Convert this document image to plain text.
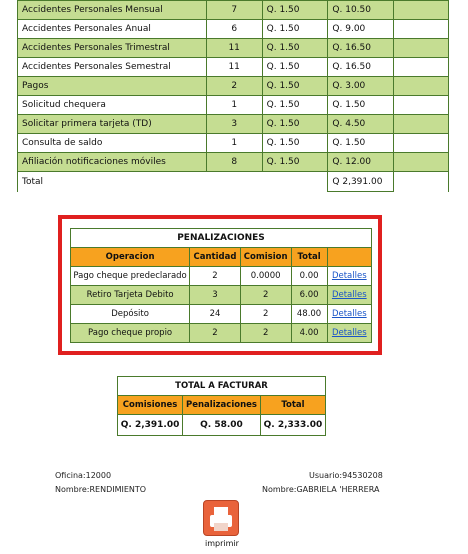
Accidentes Personales Mensual	7	Q. 1.50	Q. 10.50	
Accidentes Personales Anual	6	Q. 1.50	Q. 9.00	
Accidentes Personales Trimestral	11	Q. 1.50	Q. 16.50	
Accidentes Personales Semestral	11	Q. 1.50	Q. 16.50	
Pagos	2	Q. 1.50	Q. 3.00	
Solicitud chequera	1	Q. 1.50	Q. 1.50	
Solicitar primera tarjeta (TD)	3	Q. 1.50	Q. 4.50	
Consulta de saldo	1	Q. 1.50	Q. 1.50	
Afiliación notificaciones móviles	8	Q. 1.50	Q. 12.00	
Total			Q 2,391.00	
PENALIZACIONES				
Operacion	Cantidad	Comision	Total	
Pago cheque predeclarado	2	0.0000	0.00	Detalles
Retiro Tarjeta Debito	3	2	6.00	Detalles
Depósito	24	2	48.00	Detalles
Pago cheque propio	2	2	4.00	Detalles
TOTAL A FACTURAR		
Comisiones	Penalizaciones	Total
Q. 2,391.00	Q. 58.00	Q. 2,333.00
Oficina:12000	Usuario:94530208
Nombre:RENDIMIENTO	Nombre:GABRIELA 'HERRERA
imprimir
